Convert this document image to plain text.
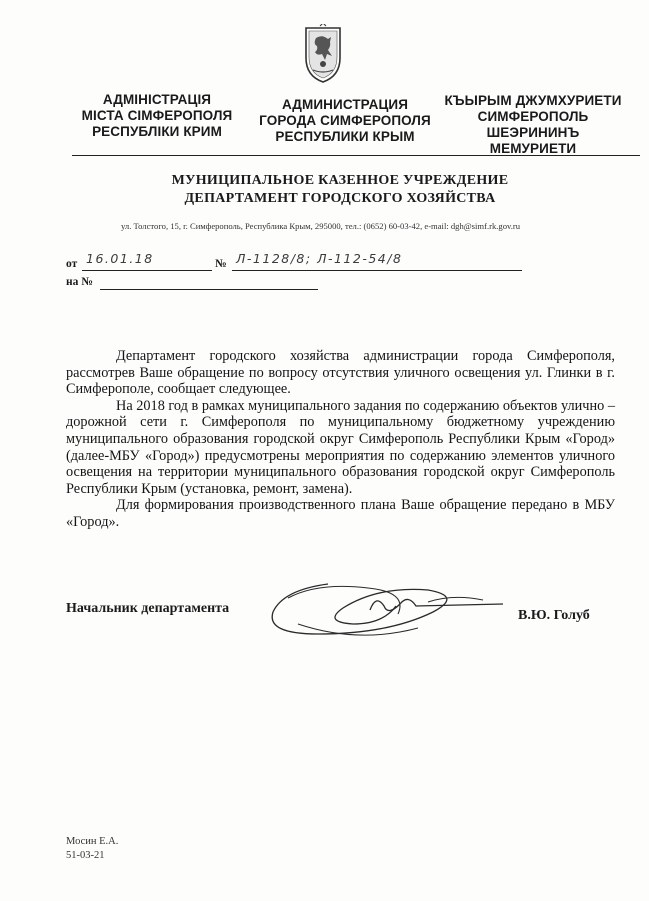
АДМІНІСТРАЦІЯ
МІСТА СІМФЕРОПОЛЯ
РЕСПУБЛІКИ КРИМ
АДМИНИСТРАЦИЯ
ГОРОДА СИМФЕРОПОЛЯ
РЕСПУБЛИКИ КРЫМ
КЪЫРЫМ ДЖУМХУРИЕТИ
СИМФЕРОПОЛЬ
ШЕЭРИНИНЪ
МЕМУРИЕТИ
МУНИЦИПАЛЬНОЕ КАЗЕННОЕ УЧРЕЖДЕНИЕ
ДЕПАРТАМЕНТ ГОРОДСКОГО ХОЗЯЙСТВА
ул. Толстого, 15, г. Симферополь, Республика Крым, 295000, тел.: (0652) 60-03-42, e-mail: dgh@simf.rk.gov.ru
от 16.01.18	№ Л-1128/8; Л-112-54/8
на №

Департамент городского хозяйства администрации города Симферополя, рассмотрев Ваше обращение по вопросу отсутствия уличного освещения ул. Глинки в г. Симферополе, сообщает следующее.

На 2018 год в рамках муниципального задания по содержанию объектов улично – дорожной сети г. Симферополя по муниципальному бюджетному учреждению муниципального образования городской округ Симферополь Республики Крым «Город» (далее-МБУ «Город») предусмотрены мероприятия по содержанию элементов уличного освещения на территории муниципального образования городской округ Симферополь Республики Крым (установка, ремонт, замена).

Для формирования производственного плана Ваше обращение передано в МБУ «Город».

Начальник департамента	В.Ю. Голуб
Мосин Е.А.
51-03-21
